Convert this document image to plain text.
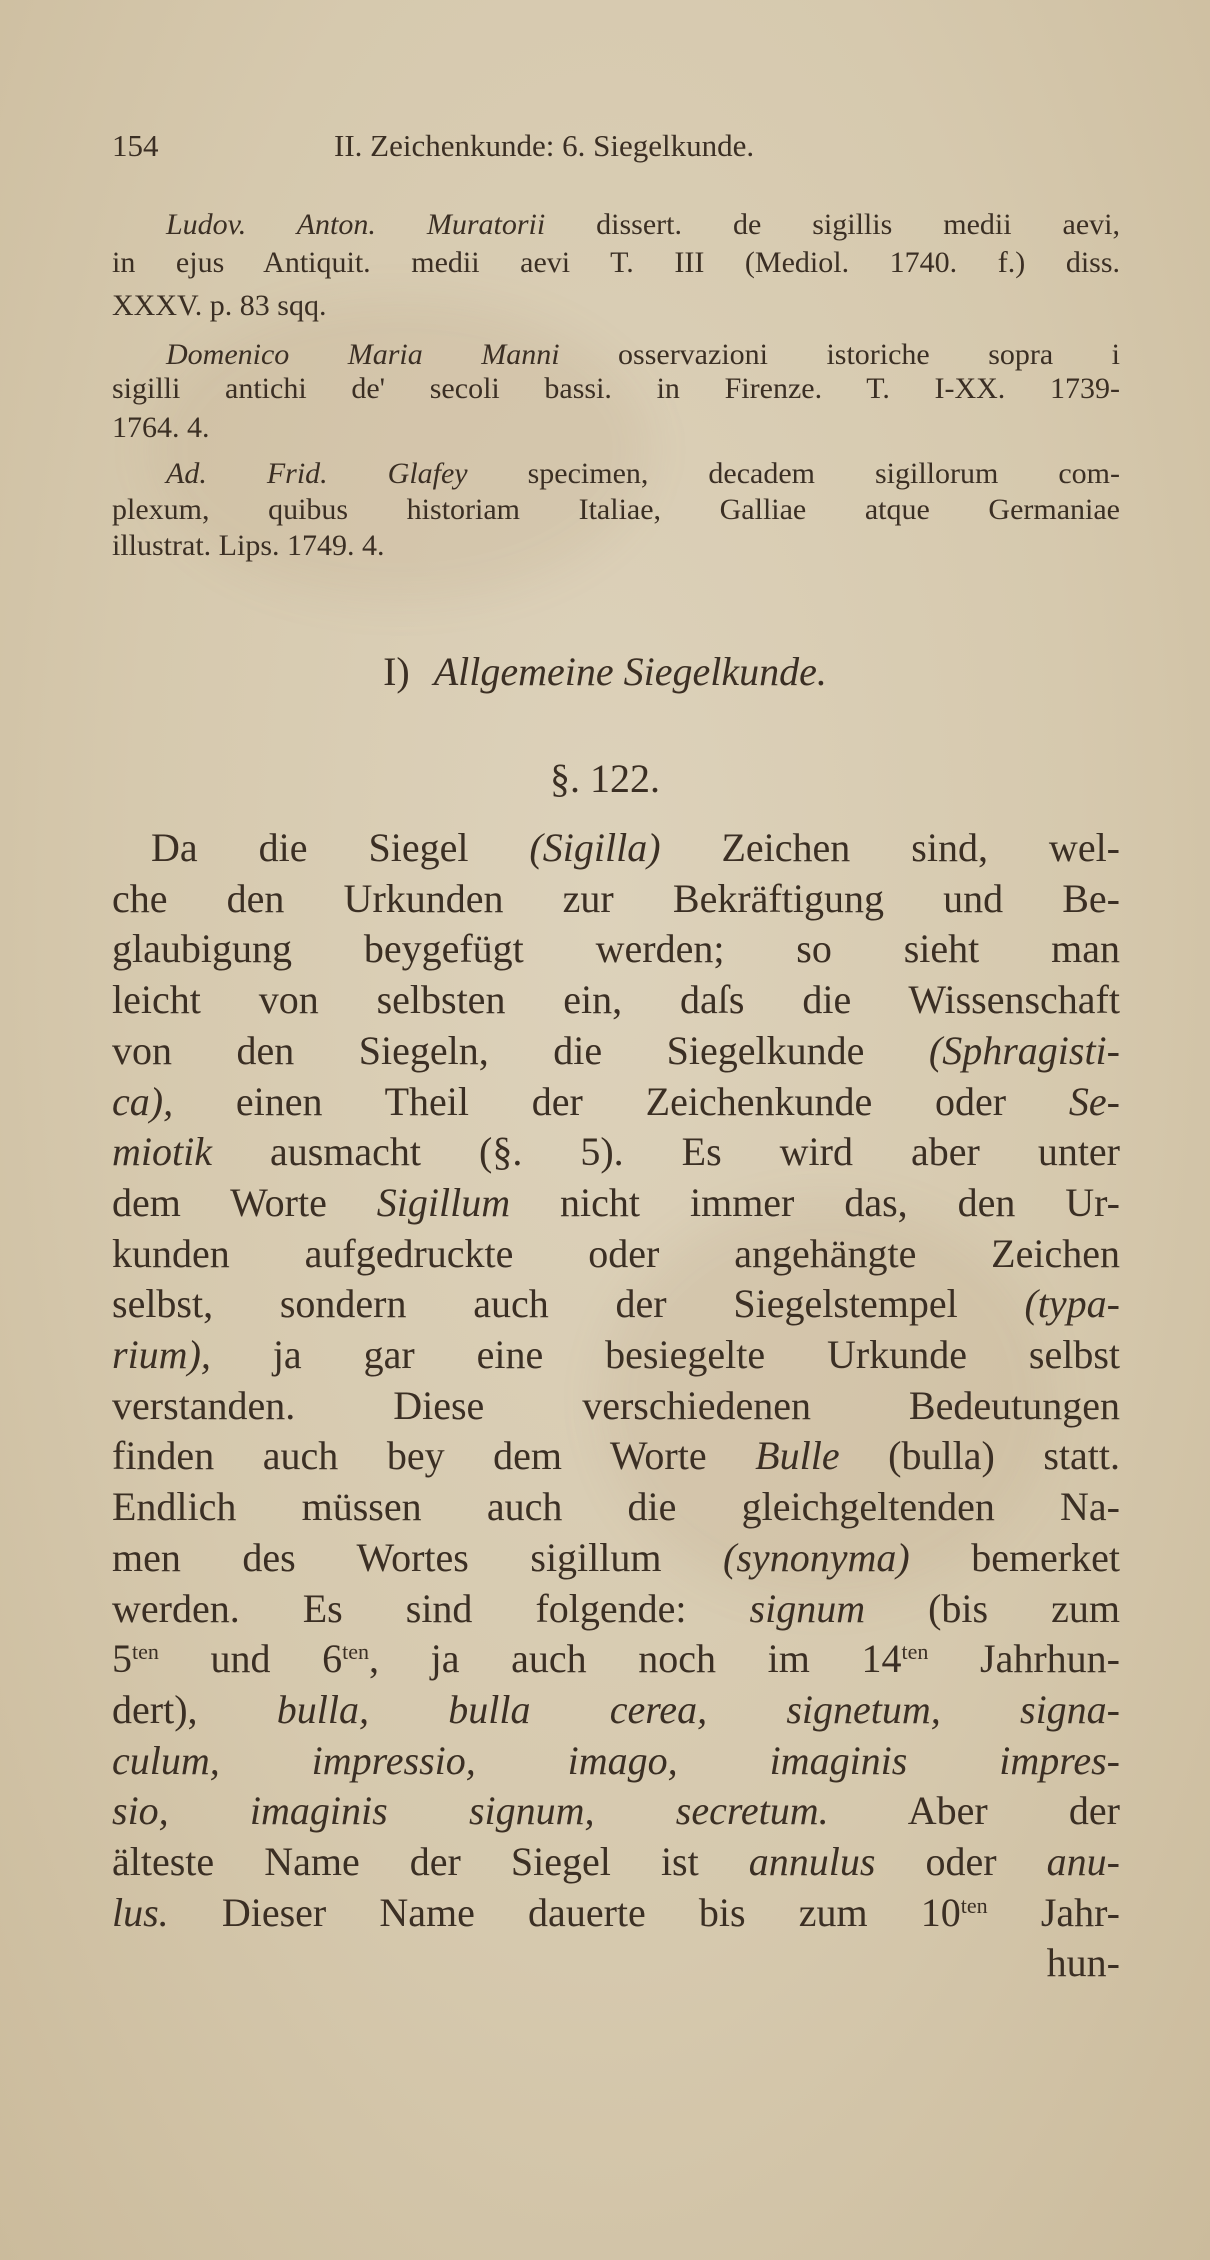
154	II. Zeichenkunde: 6. Siegelkunde.
Ludov. Anton. Muratorii dissert. de sigillis medii aevi,
in ejus Antiquit. medii aevi T. III (Mediol. 1740. f.) diss.
XXXV. p. 83 sqq.
Domenico Maria Manni osservazioni istoriche sopra i
sigilli antichi de' secoli bassi. in Firenze. T. I-XX. 1739-
1764. 4.
Ad. Frid. Glafey specimen, decadem sigillorum com-
plexum, quibus historiam Italiae, Galliae atque Germaniae
illustrat. Lips. 1749. 4.
I) Allgemeine Siegelkunde.
§. 122.
Da die Siegel (Sigilla) Zeichen sind, wel-
che den Urkunden zur Bekräftigung und Be-
glaubigung beygefügt werden; so sieht man
leicht von selbsten ein, daſs die Wissenschaft
von den Siegeln, die Siegelkunde (Sphragisti-
ca), einen Theil der Zeichenkunde oder Se-
miotik ausmacht (§. 5). Es wird aber unter
dem Worte Sigillum nicht immer das, den Ur-
kunden aufgedruckte oder angehängte Zeichen
selbst, sondern auch der Siegelstempel (typa-
rium), ja gar eine besiegelte Urkunde selbst
verstanden. Diese verschiedenen Bedeutungen
finden auch bey dem Worte Bulle (bulla) statt.
Endlich müssen auch die gleichgeltenden Na-
men des Wortes sigillum (synonyma) bemerket
werden. Es sind folgende: signum (bis zum
$5^{ten}$ und $6^{ten}$, ja auch noch im $14^{ten}$ Jahrhun-
dert), bulla, bulla cerea, signetum, signa-
culum, impressio, imago, imaginis impres-
sio, imaginis signum, secretum. Aber der
älteste Name der Siegel ist annulus oder anu-
lus. Dieser Name dauerte bis zum $10^{ten}$ Jahr-
hun-
